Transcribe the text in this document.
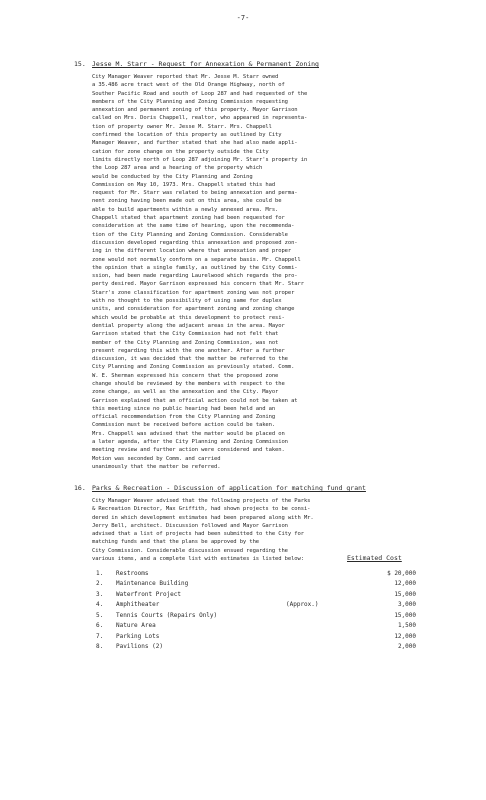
-7-
15. Jesse M. Starr - Request for Annexation & Permanent Zoning

City Manager Weaver reported that Mr. Jesse M. Starr owned

a 35.486 acre tract west of the Old Orange Highway, north of

Souther Pacific Road and south of Loop 287 and had requested of the

members of the City Planning and Zoning Commission requesting

annexation and permanent zoning of this property. Mayor Garrison

called on Mrs. Doris Chappell, realtor, who appeared in representa-

tion of property owner Mr. Jesse M. Starr. Mrs. Chappell

confirmed the location of this property as outlined by City

Manager Weaver, and further stated that she had also made appli-

cation for zone change on the property outside the City

limits directly north of Loop 287 adjoining Mr. Starr's property in

the Loop 287 area and a hearing of the property which

would be conducted by the City Planning and Zoning

Commission on May 10, 1973. Mrs. Chappell stated this had

request for Mr. Starr was related to being annexation and perma-

nent zoning having been made out on this area, she could be

able to build apartments within a newly annexed area. Mrs.

Chappell stated that apartment zoning had been requested for

consideration at the same time of hearing, upon the recommenda-

tion of the City Planning and Zoning Commission. Considerable

discussion developed regarding this annexation and proposed zon-

ing in the different location where that annexation and proper

zone would not normally conform on a separate basis. Mr. Chappell

the opinion that a single family, as outlined by the City Commi-

ssion, had been made regarding Laurelwood which regards the pro-

perty desired. Mayor Garrison expressed his concern that Mr. Starr

Starr's zone classification for apartment zoning was not proper

with no thought to the possibility of using same for duplex

units, and consideration for apartment zoning and zoning change

which would be probable at this development to protect resi-

dential property along the adjacent areas in the area. Mayor

Garrison stated that the City Commission had not felt that

member of the City Planning and Zoning Commission, was not

present regarding this with the one another. After a further

discussion, it was decided that the matter be referred to the

City Planning and Zoning Commission as previously stated. Comm.

W. E. Sherman expressed his concern that the proposed zone

change should be reviewed by the members with respect to the

zone change, as well as the annexation and the City. Mayor

Garrison explained that an official action could not be taken at

this meeting since no public hearing had been held and an

official recommendation from the City Planning and Zoning

Commission must be received before action could be taken.

Mrs. Chappell was advised that the matter would be placed on

a later agenda, after the City Planning and Zoning Commission

meeting review and further action were considered and taken.

Motion was seconded by Comm. and carried

unanimously that the matter be referred.

16. Parks & Recreation - Discussion of application for matching fund grant

City Manager Weaver advised that the following projects of the Parks

& Recreation Director, Max Griffith, had shown projects to be consi-

dered in which development estimates had been prepared along with Mr.

Jerry Bell, architect. Discussion followed and Mayor Garrison

advised that a list of projects had been submitted to the City for

matching funds and that the plans be approved by the

City Commission. Considerable discussion ensued regarding the

various items, and a complete list with estimates is listed below:	Estimated Cost
1.	Restrooms	$ 20,000
2.	Maintenance Building	12,000
3.	Waterfront Project	15,000
4.	Amphitheater	(Approx.)	3,000
5.	Tennis Courts (Repairs Only)	15,000
6.	Nature Area	1,500
7.	Parking Lots	12,000
8.	Pavilions (2)	2,000
